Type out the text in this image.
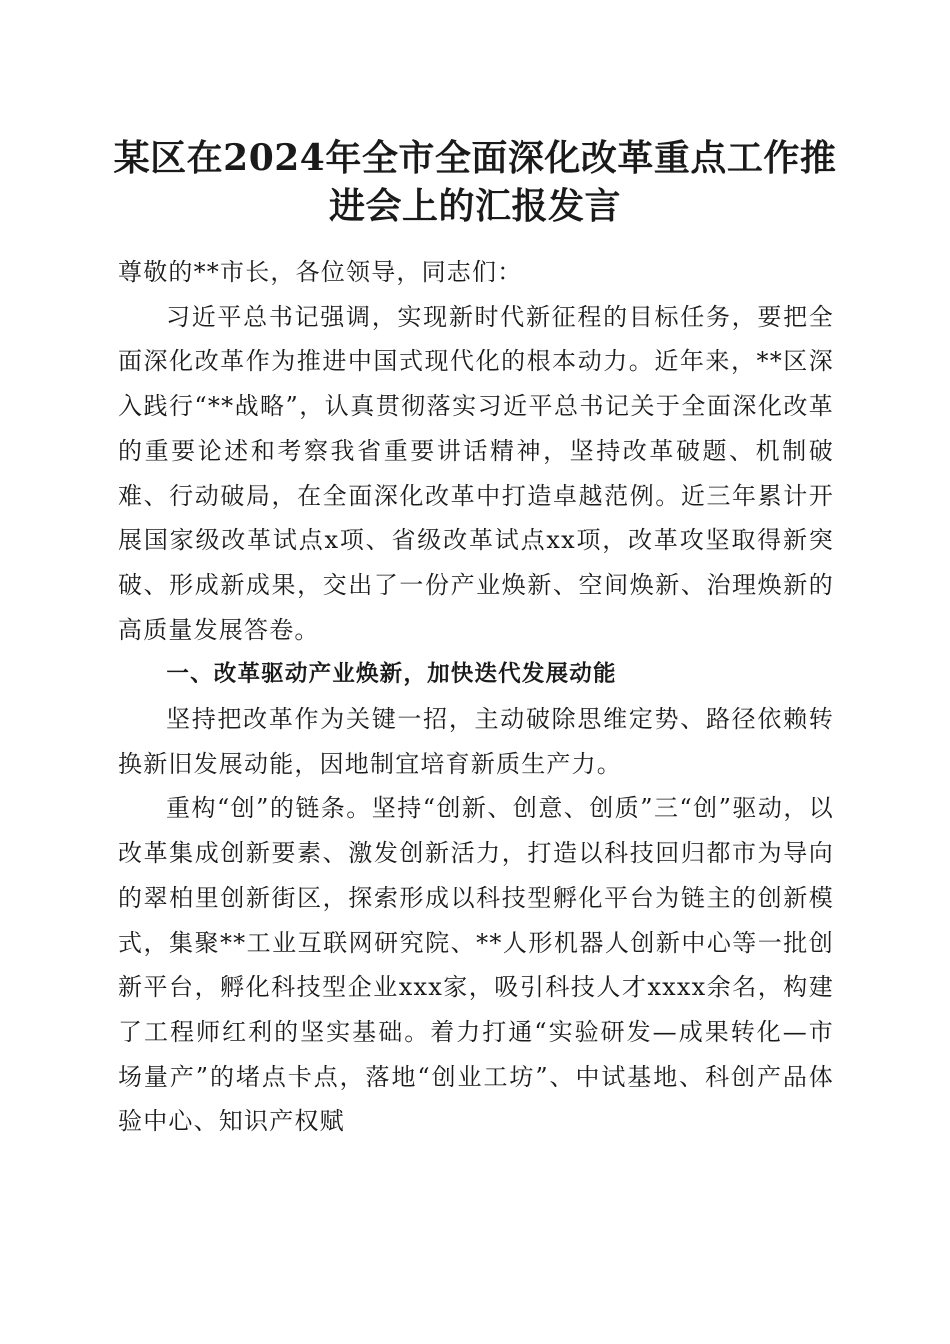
某区在2024年全市全面深化改革重点工作推
进会上的汇报发言

尊敬的**市长，各位领导，同志们：

习近平总书记强调，实现新时代新征程的目标任务，要把全面深化改革作为推进中国式现代化的根本动力。近年来，**区深入践行“**战略”，认真贯彻落实习近平总书记关于全面深化改革的重要论述和考察我省重要讲话精神，坚持改革破题、机制破难、行动破局，在全面深化改革中打造卓越范例。近三年累计开展国家级改革试点x项、省级改革试点xx项，改革攻坚取得新突破、形成新成果，交出了一份产业焕新、空间焕新、治理焕新的高质量发展答卷。

一、改革驱动产业焕新，加快迭代发展动能

坚持把改革作为关键一招，主动破除思维定势、路径依赖转换新旧发展动能，因地制宜培育新质生产力。

重构“创”的链条。坚持“创新、创意、创质”三“创”驱动，以改革集成创新要素、激发创新活力，打造以科技回归都市为导向的翠柏里创新街区，探索形成以科技型孵化平台为链主的创新模式，集聚**工业互联网研究院、**人形机器人创新中心等一批创新平台，孵化科技型企业xxx家，吸引科技人才xxxx余名，构建了工程师红利的坚实基础。着力打通“实验研发—成果转化—市场量产”的堵点卡点，落地“创业工坊”、中试基地、科创产品体验中心、知识产权赋
